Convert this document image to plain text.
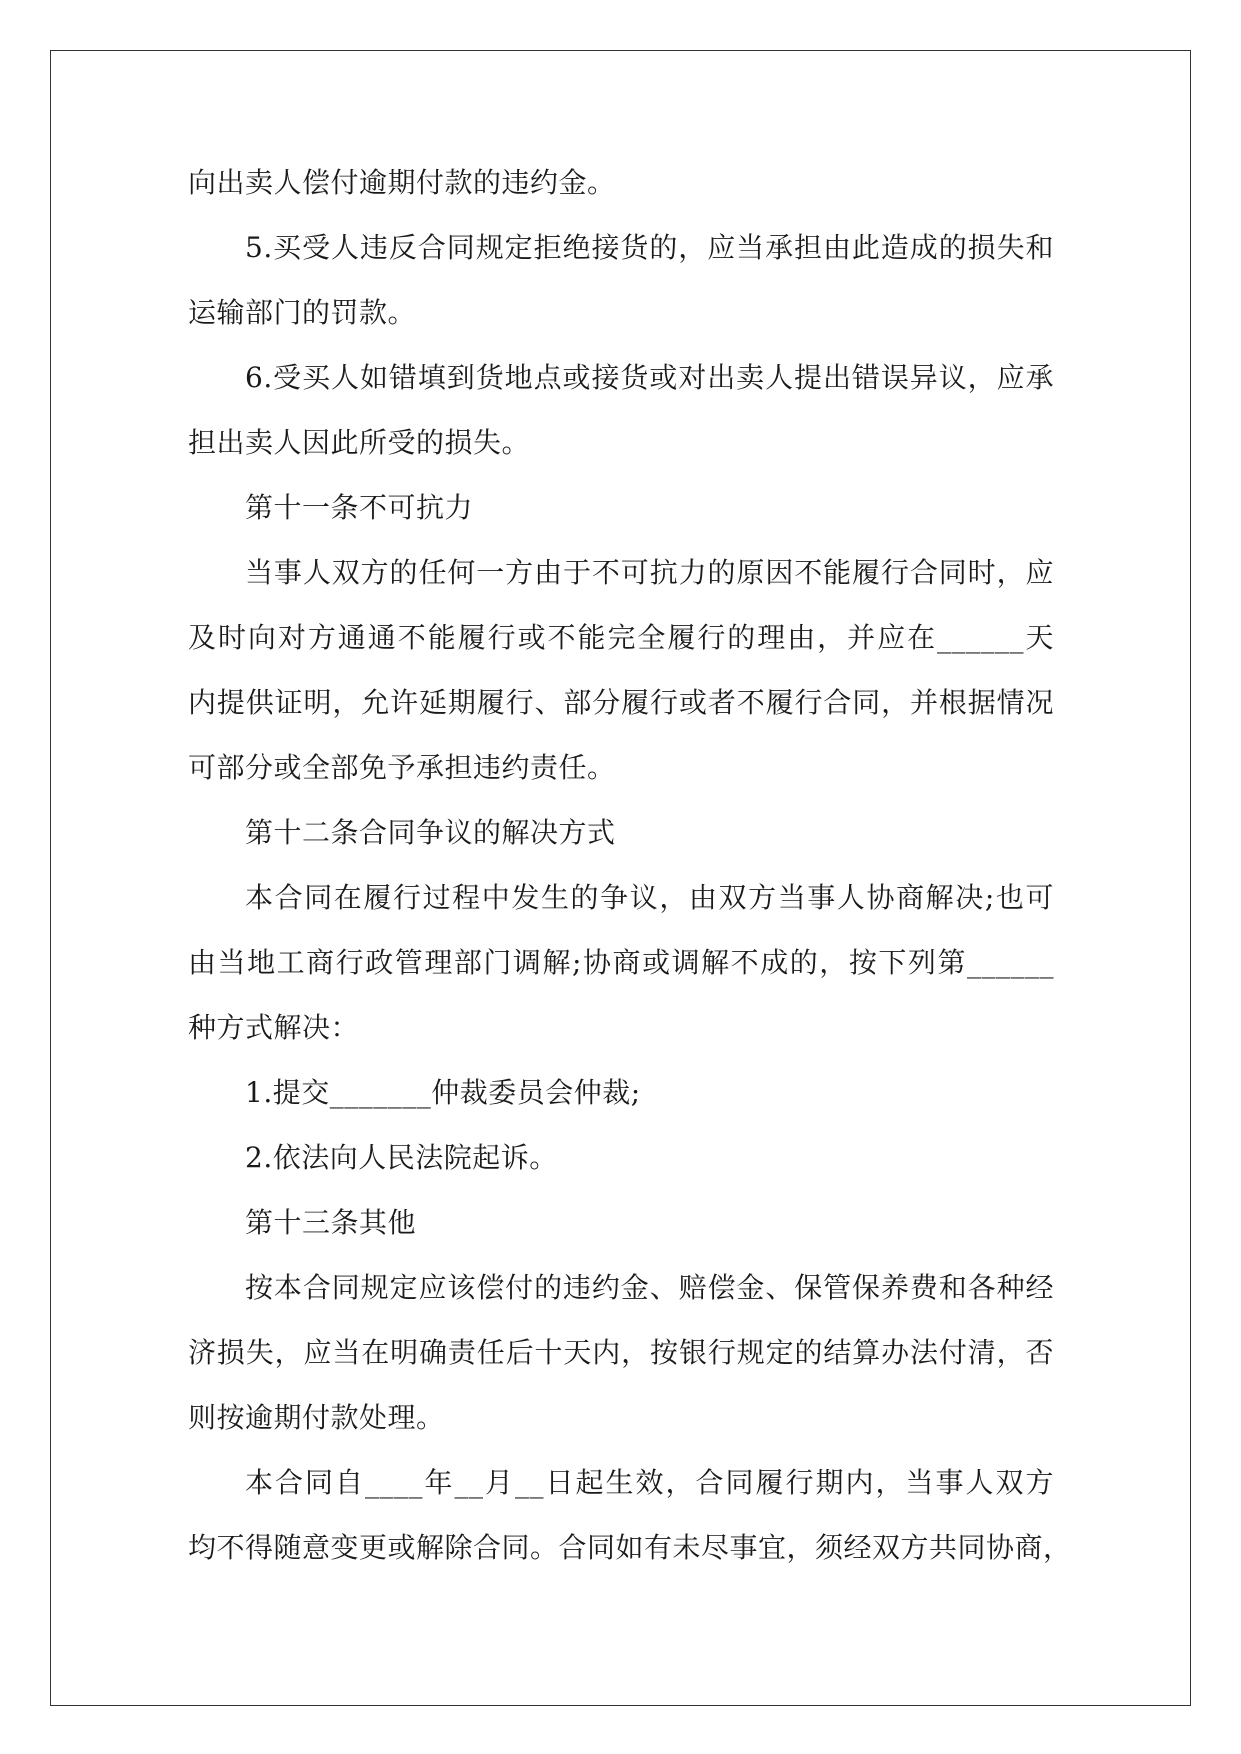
向出卖人偿付逾期付款的违约金。
5.买受人违反合同规定拒绝接货的，应当承担由此造成的损失和
运输部门的罚款。
6.受买人如错填到货地点或接货或对出卖人提出错误异议，应承
担出卖人因此所受的损失。
第十一条不可抗力
当事人双方的任何一方由于不可抗力的原因不能履行合同时，应
及时向对方通通不能履行或不能完全履行的理由，并应在______天
内提供证明，允许延期履行、部分履行或者不履行合同，并根据情况
可部分或全部免予承担违约责任。
第十二条合同争议的解决方式
本合同在履行过程中发生的争议，由双方当事人协商解决;也可
由当地工商行政管理部门调解;协商或调解不成的，按下列第______
种方式解决：
1.提交_______仲裁委员会仲裁;
2.依法向人民法院起诉。
第十三条其他
按本合同规定应该偿付的违约金、赔偿金、保管保养费和各种经
济损失，应当在明确责任后十天内，按银行规定的结算办法付清，否
则按逾期付款处理。
本合同自____年__月__日起生效，合同履行期内，当事人双方
均不得随意变更或解除合同。合同如有未尽事宜，须经双方共同协商，
